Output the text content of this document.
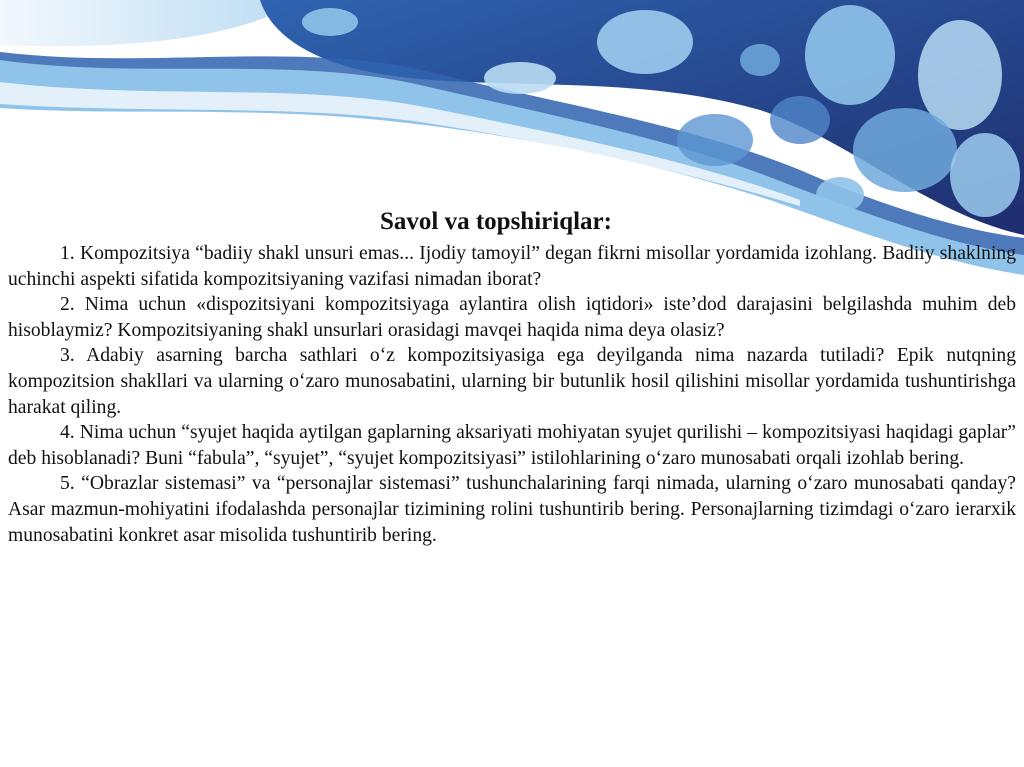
Savol va topshiriqlar:

1. Kompozitsiya “badiiy shakl unsuri emas... Ijodiy tamoyil” degan fikrni misollar yordamida izohlang. Badiiy shaklning uchinchi aspekti sifatida kompozitsiyaning vazifasi nimadan iborat?

2. Nima uchun «dispozitsiyani kompozitsiyaga aylantira olish iqtidori» iste’dod darajasini belgilashda muhim deb hisoblaymiz? Kompozitsiyaning shakl unsurlari orasidagi mavqei haqida nima deya olasiz?

3. Adabiy asarning barcha sathlari o‘z kompozitsiyasiga ega deyilganda nima nazarda tutiladi? Epik nutqning kompozitsion shakllari va ularning o‘zaro munosabatini, ularning bir butunlik hosil qilishini misollar yordamida tushuntirishga harakat qiling.

4. Nima uchun “syujet haqida aytilgan gaplarning aksariyati mohiyatan syujet qurilishi – kompozitsiyasi haqidagi gaplar” deb hisoblanadi? Buni “fabula”, “syujet”, “syujet kompozitsiyasi” istilohlarining o‘zaro munosabati orqali izohlab bering.

5. “Obrazlar sistemasi” va “personajlar sistemasi” tushunchalarining farqi nimada, ularning o‘zaro munosabati qanday? Asar mazmun-mohiyatini ifodalashda personajlar tizimining rolini tushuntirib bering. Personajlarning tizimdagi o‘zaro ierarxik munosabatini konkret asar misolida tushuntirib bering.
